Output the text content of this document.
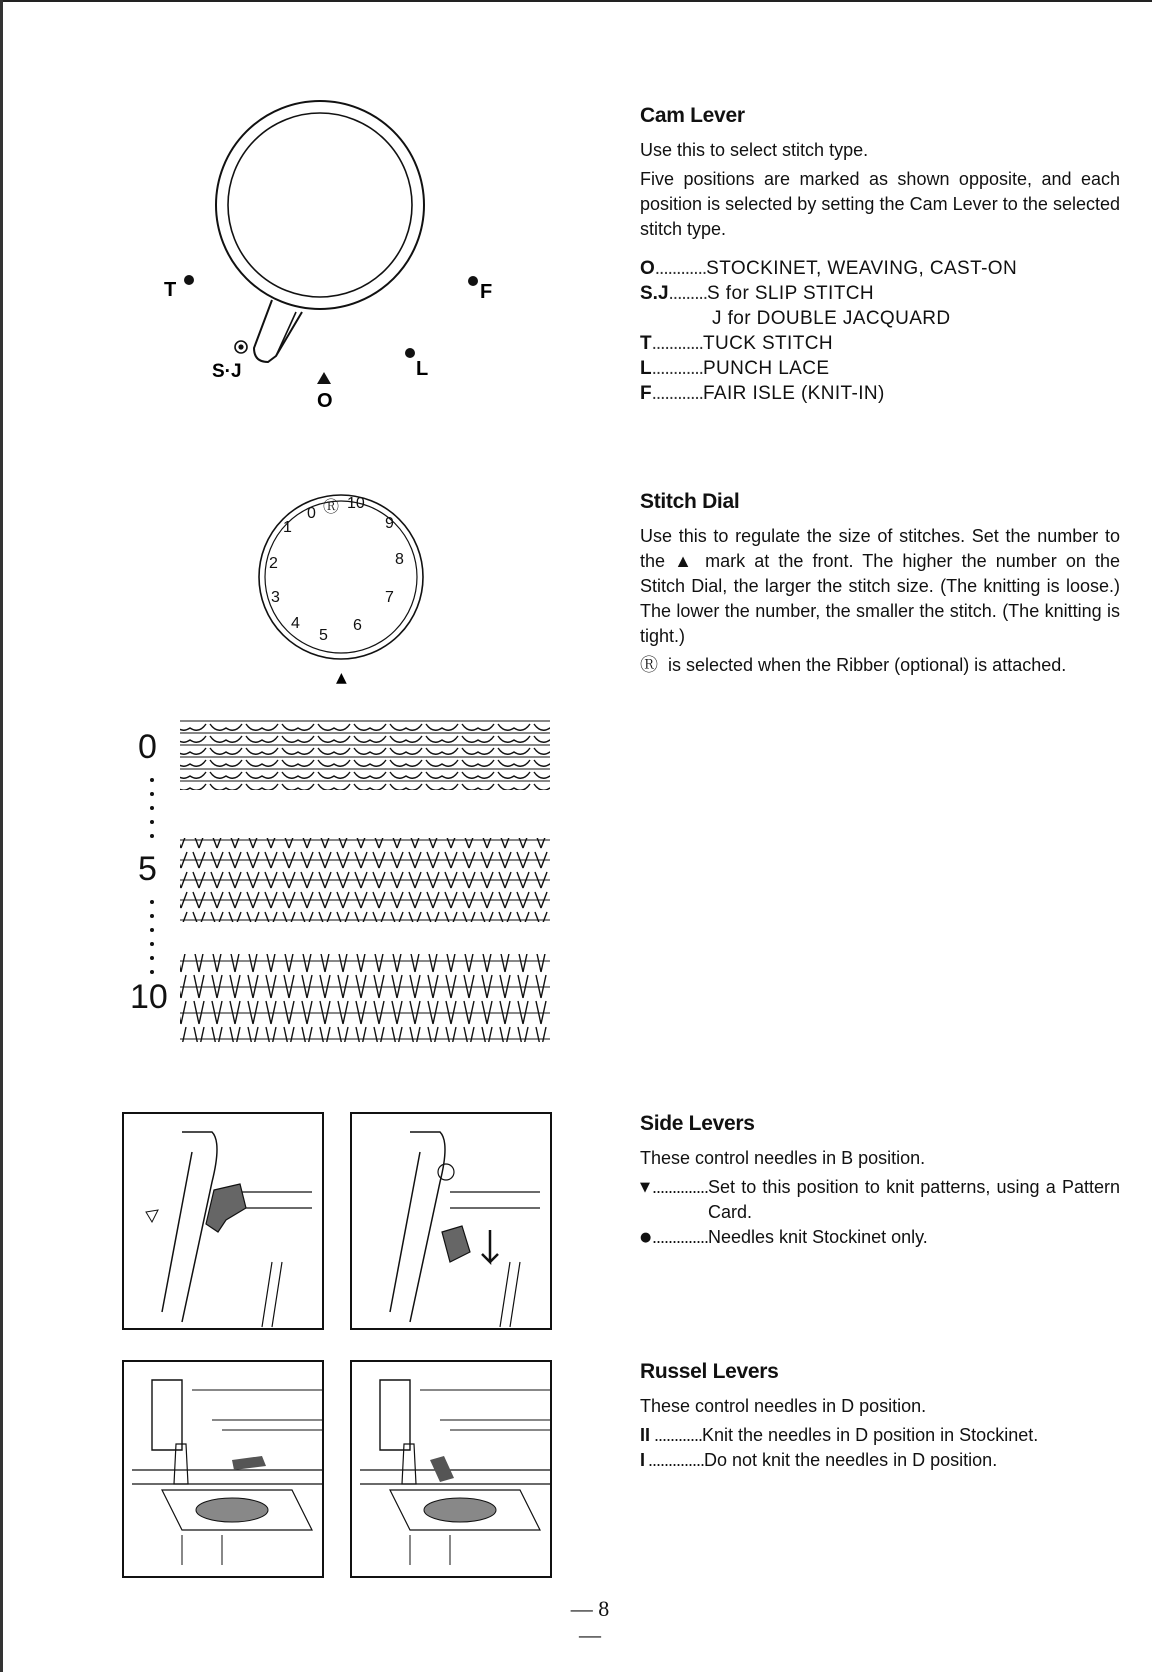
T	F
S·J	L
O
0 Ⓡ
1
2
3
4
5
6
7
8
9
10
▲
0
5
10
Cam Lever

Use this to select stitch type.

Five positions are marked as shown opposite, and each position is selected by setting the Cam Lever to the selected stitch type.

O ............ STOCKINET, WEAVING, CAST-ON
S.J ......... S for SLIP STITCH
J for DOUBLE JACQUARD
T ............ TUCK STITCH
L ............ PUNCH LACE
F ............ FAIR ISLE (KNIT-IN)
Stitch Dial

Use this to regulate the size of stitches. Set the number to the ▲ mark at the front. The higher the number on the Stitch Dial, the larger the stitch size. (The knitting is loose.) The lower the number, the smaller the stitch. (The knitting is tight.)

Ⓡ is selected when the Ribber (optional) is attached.

Side Levers

These control needles in B position.

▼ .............. Set to this position to knit patterns, using a Pattern Card.
● .............. Needles knit Stockinet only.
Russel Levers

These control needles in D position.

II ............ Knit the needles in D position in Stockinet.
I .............. Do not knit the needles in D position.
— 8 —
